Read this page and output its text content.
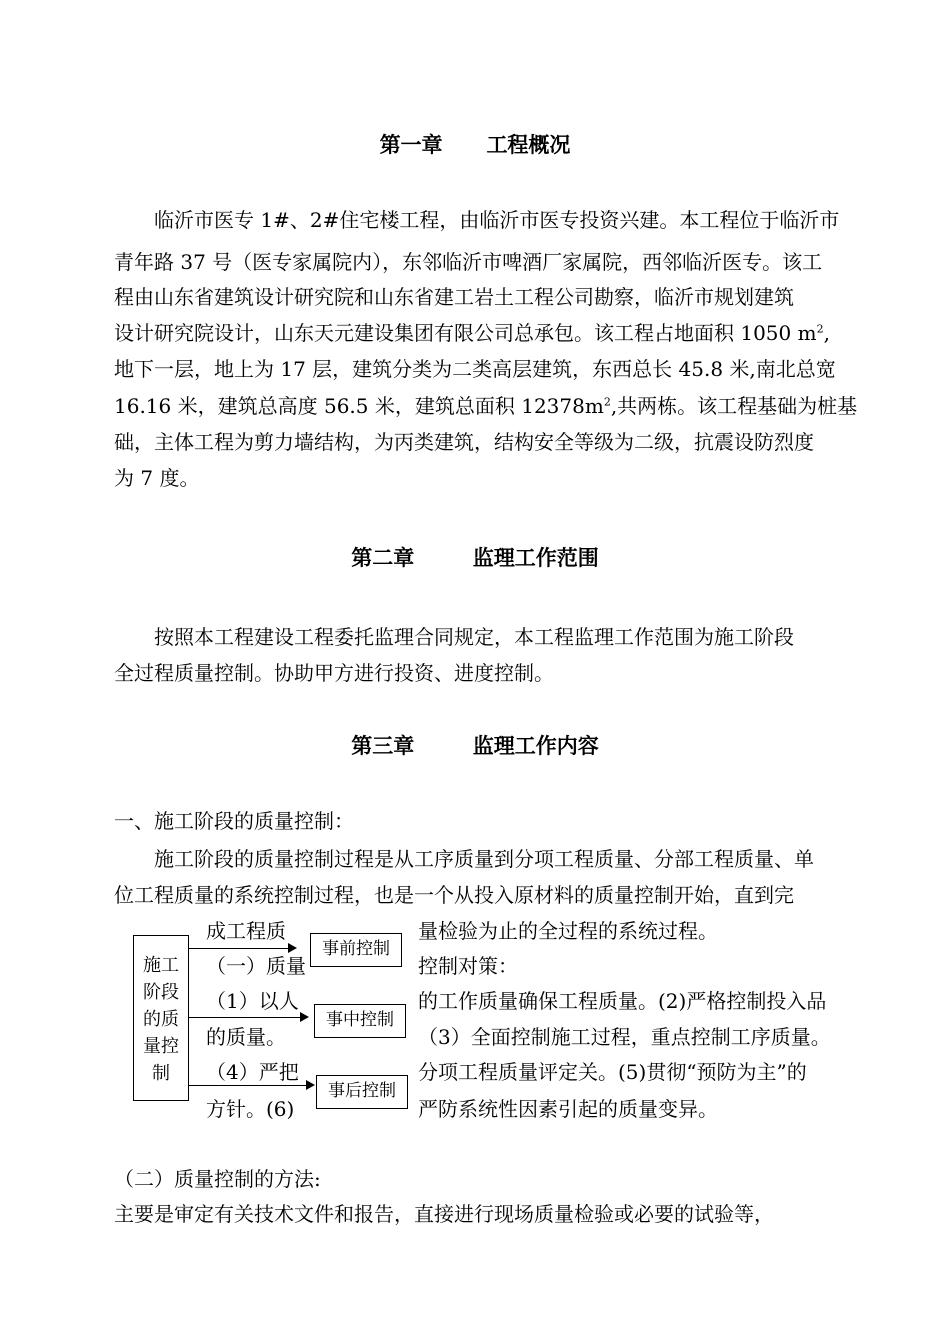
第一章 工程概况
第二章	监理工作范围
第三章	监理工作内容
临沂市医专 1#、2#住宅楼工程，由临沂市医专投资兴建。本工程位于临沂市
青年路 37 号（医专家属院内），东邻临沂市啤酒厂家属院，西邻临沂医专。该工
程由山东省建筑设计研究院和山东省建工岩土工程公司勘察，临沂市规划建筑
设计研究院设计，山东天元建设集团有限公司总承包。该工程占地面积 1050 $m^2$,
地下一层，地上为 17 层，建筑分类为二类高层建筑，东西总长 45.8 米,南北总宽
16.16 米，建筑总高度 56.5 米，建筑总面积 $12378m^2$,共两栋。该工程基础为桩基
础，主体工程为剪力墙结构，为丙类建筑，结构安全等级为二级，抗震设防烈度
为 7 度。
按照本工程建设工程委托监理合同规定，本工程监理工作范围为施工阶段
全过程质量控制。协助甲方进行投资、进度控制。
一、施工阶段的质量控制：
施工阶段的质量控制过程是从工序质量到分项工程质量、分部工程质量、单
位工程质量的系统控制过程，也是一个从投入原材料的质量控制开始，直到完
施工
阶段
的质
量控
制
事前控制
事中控制
事后控制
成工程质
（一）质量
（1）以人
的质量。
（4）严把
方针。(6)
量检验为止的全过程的系统过程。
控制对策：
的工作质量确保工程质量。(2)严格控制投入品
（3）全面控制施工过程，重点控制工序质量。
分项工程质量评定关。(5)贯彻“预防为主”的
严防系统性因素引起的质量变异。
（二）质量控制的方法:
主要是审定有关技术文件和报告，直接进行现场质量检验或必要的试验等，
